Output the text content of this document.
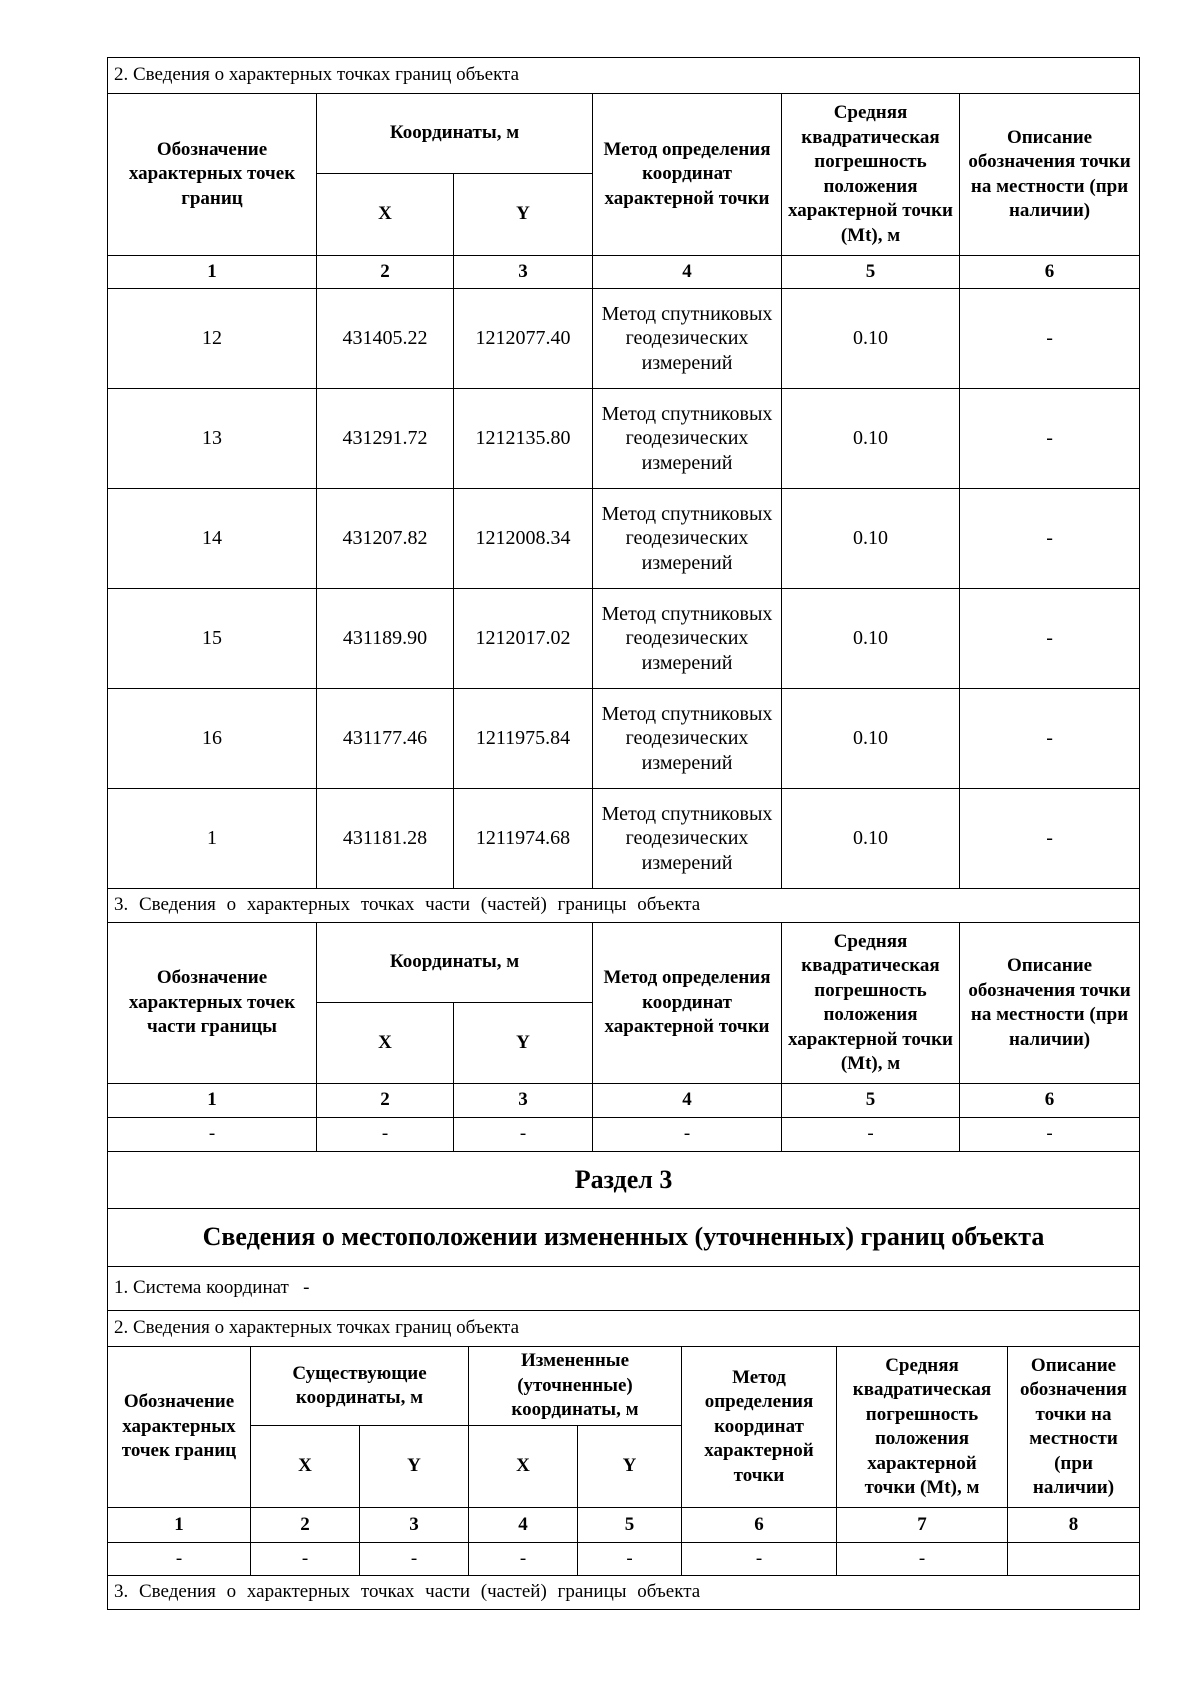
2. Сведения о характерных точках границ объекта					
Обозначение характерных точек границ	Координаты, м		Метод определения координат характерной точки	Средняя квадратическая погрешность положения характерной точки (Mt), м	Описание обозначения точки на местности (при наличии)
	X	Y			
1	2	3	4	5	6
12	431405.22	1212077.40	Метод спутниковых геодезических измерений	0.10	-
13	431291.72	1212135.80	Метод спутниковых геодезических измерений	0.10	-
14	431207.82	1212008.34	Метод спутниковых геодезических измерений	0.10	-
15	431189.90	1212017.02	Метод спутниковых геодезических измерений	0.10	-
16	431177.46	1211975.84	Метод спутниковых геодезических измерений	0.10	-
1	431181.28	1211974.68	Метод спутниковых геодезических измерений	0.10	-
3. Сведения о характерных точках части (частей) границы объекта					
Обозначение характерных точек части границы	Координаты, м		Метод определения координат характерной точки	Средняя квадратическая погрешность положения характерной точки (Mt), м	Описание обозначения точки на местности (при наличии)
	X	Y			
1	2	3	4	5	6
-	-	-	-	-	-
Раздел 3							
Сведения о местоположении измененных (уточненных) границ объекта							
1. Система координат   -							
2. Сведения о характерных точках границ объекта							
Обозначение характерных точек границ	Существующие координаты, м		Измененные (уточненные) координаты, м		Метод определения координат характерной точки	Средняя квадратическая погрешность положения характерной точки (Mt), м	Описание обозначения точки на местности (при наличии)
	X	Y	X	Y			
1	2	3	4	5	6	7	8
-	-	-	-	-	-	-	
3. Сведения о характерных точках части (частей) границы объекта							
